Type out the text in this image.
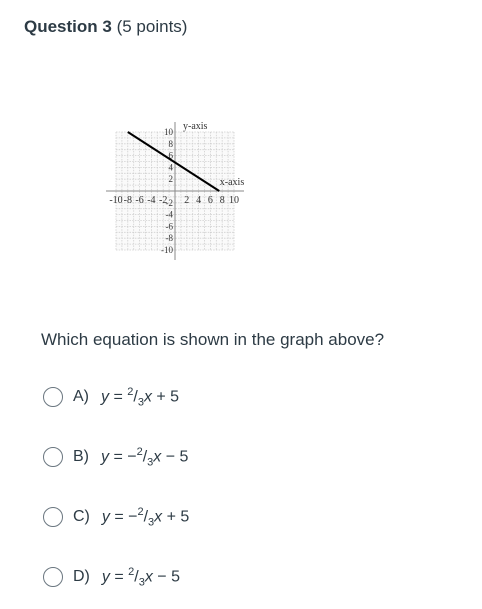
Question 3 (5 points)
-10 -8 -6 -4 -2 2 4 6 8 10
10
8
6
4
2
-2
-4
-6
-8
-10
x-axis
y-axis
Which equation is shown in the graph above?
A) $y = ^2/_3x + 5$
B) $y = -^2/_3x - 5$
C) $y = -^2/_3x + 5$
D) $y = ^2/_3x - 5$
